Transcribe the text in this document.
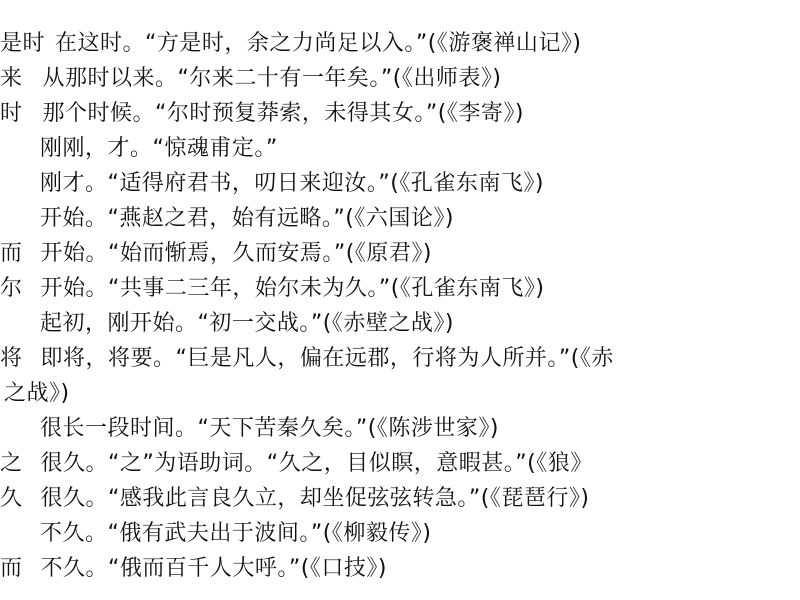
是时 在这时。“方是时，余之力尚足以入。”(《游褒禅山记》)
来 从那时以来。“尔来二十有一年矣。”(《出师表》)
时 那个时候。“尔时预复莽索，未得其女。”(《李寄》)
刚刚，才。“惊魂甫定。”
刚才。“适得府君书，叨日来迎汝。”(《孔雀东南飞》)
开始。“燕赵之君，始有远略。”(《六国论》)
而 开始。“始而惭焉，久而安焉。”(《原君》)
尔 开始。“共事二三年，始尔未为久。”(《孔雀东南飞》)
起初，刚开始。“初一交战。”(《赤壁之战》)
将 即将，将要。“巨是凡人，偏在远郡，行将为人所并。”(《赤
之战》)
很长一段时间。“天下苦秦久矣。”(《陈涉世家》)
之 很久。“之”为语助词。“久之，目似瞑，意暇甚。”(《狼》
久 很久。“感我此言良久立，却坐促弦弦转急。”(《琵琶行》)
不久。“俄有武夫出于波间。”(《柳毅传》)
而 不久。“俄而百千人大呼。”(《口技》)
